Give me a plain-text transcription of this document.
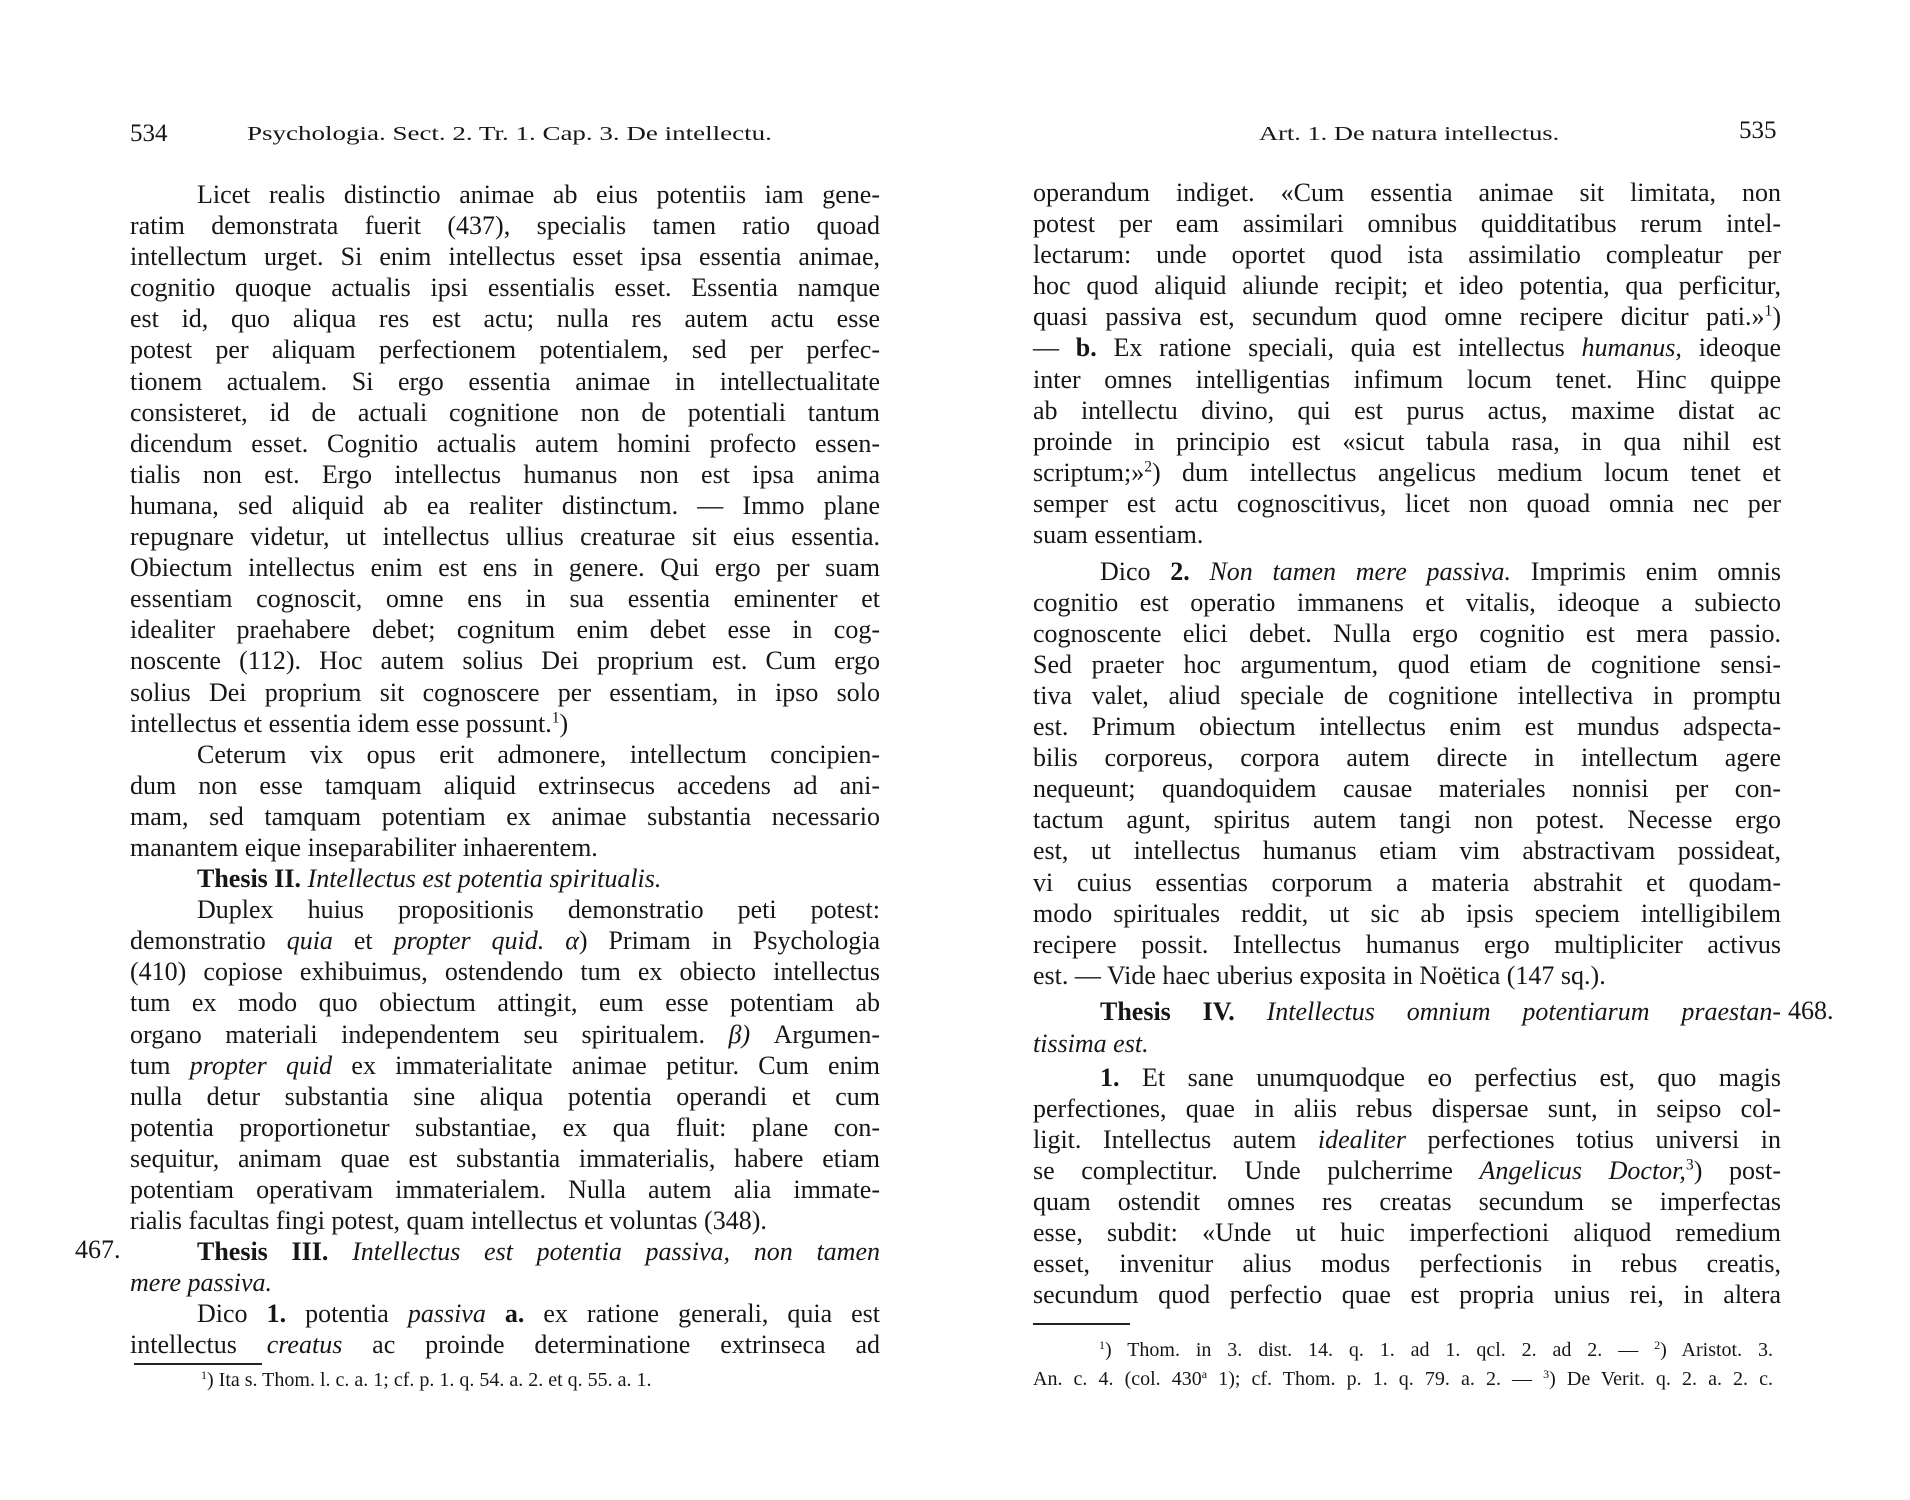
534	Psychologia. Sect. 2. Tr. 1. Cap. 3. De intellectu.
Licet realis distinctio animae ab eius potentiis iam gene-
ratim demonstrata fuerit (437), specialis tamen ratio quoad
intellectum urget. Si enim intellectus esset ipsa essentia animae,
cognitio quoque actualis ipsi essentialis esset. Essentia namque
est id, quo aliqua res est actu; nulla res autem actu esse
potest per aliquam perfectionem potentialem, sed per perfec-
tionem actualem. Si ergo essentia animae in intellectualitate
consisteret, id de actuali cognitione non de potentiali tantum
dicendum esset. Cognitio actualis autem homini profecto essen-
tialis non est. Ergo intellectus humanus non est ipsa anima
humana, sed aliquid ab ea realiter distinctum. — Immo plane
repugnare videtur, ut intellectus ullius creaturae sit eius essentia.
Obiectum intellectus enim est ens in genere. Qui ergo per suam
essentiam cognoscit, omne ens in sua essentia eminenter et
idealiter praehabere debet; cognitum enim debet esse in cog-
noscente (112). Hoc autem solius Dei proprium est. Cum ergo
solius Dei proprium sit cognoscere per essentiam, in ipso solo
intellectus et essentia idem esse possunt.$^1$)
Ceterum vix opus erit admonere, intellectum concipien-
dum non esse tamquam aliquid extrinsecus accedens ad ani-
mam, sed tamquam potentiam ex animae substantia necessario
manantem eique inseparabiliter inhaerentem.
Thesis II. Intellectus est potentia spiritualis.
Duplex huius propositionis demonstratio peti potest:
demonstratio quia et propter quid. α) Primam in Psychologia
(410) copiose exhibuimus, ostendendo tum ex obiecto intellectus
tum ex modo quo obiectum attingit, eum esse potentiam ab
organo materiali independentem seu spiritualem. β) Argumen-
tum propter quid ex immaterialitate animae petitur. Cum enim
nulla detur substantia sine aliqua potentia operandi et cum
potentia proportionetur substantiae, ex qua fluit: plane con-
sequitur, animam quae est substantia immaterialis, habere etiam
potentiam operativam immaterialem. Nulla autem alia immate-
rialis facultas fingi potest, quam intellectus et voluntas (348).
Thesis III. Intellectus est potentia passiva, non tamen
mere passiva.
Dico 1. potentia passiva a. ex ratione generali, quia est
intellectus creatus ac proinde determinatione extrinseca ad
467.
$^1$) Ita s. Thom. l. c. a. 1; cf. p. 1. q. 54. a. 2. et q. 55. a. 1.
Art. 1. De natura intellectus.	535
operandum indiget. «Cum essentia animae sit limitata, non
potest per eam assimilari omnibus quidditatibus rerum intel-
lectarum: unde oportet quod ista assimilatio compleatur per
hoc quod aliquid aliunde recipit; et ideo potentia, qua perficitur,
quasi passiva est, secundum quod omne recipere dicitur pati.»$^1$)
— b. Ex ratione speciali, quia est intellectus humanus, ideoque
inter omnes intelligentias infimum locum tenet. Hinc quippe
ab intellectu divino, qui est purus actus, maxime distat ac
proinde in principio est «sicut tabula rasa, in qua nihil est
scriptum;»$^2$) dum intellectus angelicus medium locum tenet et
semper est actu cognoscitivus, licet non quoad omnia nec per
suam essentiam.
Dico 2. Non tamen mere passiva. Imprimis enim omnis
cognitio est operatio immanens et vitalis, ideoque a subiecto
cognoscente elici debet. Nulla ergo cognitio est mera passio.
Sed praeter hoc argumentum, quod etiam de cognitione sensi-
tiva valet, aliud speciale de cognitione intellectiva in promptu
est. Primum obiectum intellectus enim est mundus adspecta-
bilis corporeus, corpora autem directe in intellectum agere
nequeunt; quandoquidem causae materiales nonnisi per con-
tactum agunt, spiritus autem tangi non potest. Necesse ergo
est, ut intellectus humanus etiam vim abstractivam possideat,
vi cuius essentias corporum a materia abstrahit et quodam-
modo spirituales reddit, ut sic ab ipsis speciem intelligibilem
recipere possit. Intellectus humanus ergo multipliciter activus
est. — Vide haec uberius exposita in Noëtica (147 sq.).
Thesis IV. Intellectus omnium potentiarum praestan-
tissima est.
1. Et sane unumquodque eo perfectius est, quo magis
perfectiones, quae in aliis rebus dispersae sunt, in seipso col-
ligit. Intellectus autem idealiter perfectiones totius universi in
se complectitur. Unde pulcherrime Angelicus Doctor,$^3$) post-
quam ostendit omnes res creatas secundum se imperfectas
esse, subdit: «Unde ut huic imperfectioni aliquod remedium
esset, invenitur alius modus perfectionis in rebus creatis,
secundum quod perfectio quae est propria unius rei, in altera
468.
$^1$) Thom. in 3. dist. 14. q. 1. ad 1. qcl. 2. ad 2. — $^2$) Aristot. 3.
An. c. 4. (col. 430$^a$ 1); cf. Thom. p. 1. q. 79. a. 2. — $^3$) De Verit. q. 2. a. 2. c.
